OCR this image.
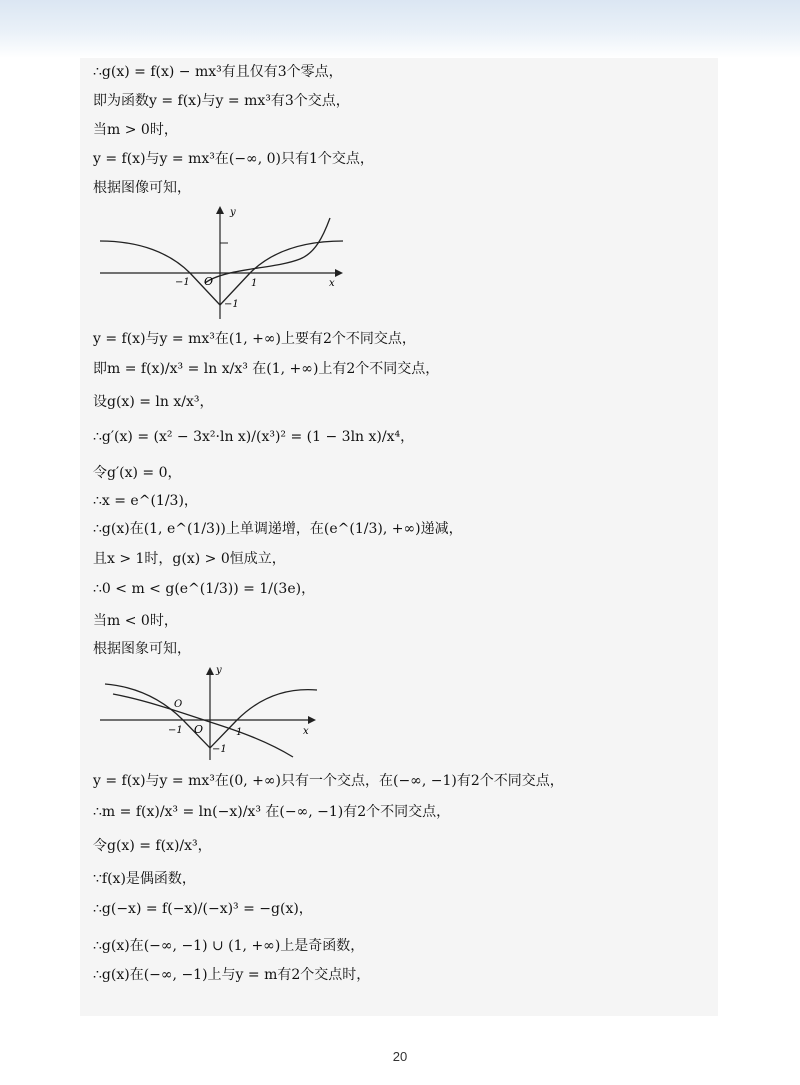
∴g(x) = f(x) − mx³有且仅有3个零点，
即为函数y = f(x)与y = mx³有3个交点，
当m > 0时，
y = f(x)与y = mx³在(−∞, 0)只有1个交点，
根据图像可知，
y
x
O
−1	1
−1
y = f(x)与y = mx³在(1, +∞)上要有2个不同交点，
即m = f(x)/x³ = ln x/x³ 在(1, +∞)上有2个不同交点，
设g(x) = ln x/x³，
∴g′(x) = (x² − 3x²·ln x)/(x³)² = (1 − 3ln x)/x⁴，
令g′(x) = 0，
∴x = e^(1/3)，
∴g(x)在(1, e^(1/3))上单调递增，在(e^(1/3), +∞)递减，
且x > 1时，g(x) > 0恒成立，
∴0 < m < g(e^(1/3)) = 1/(3e)，
当m < 0时，
根据图象可知，
y
x
O
O
−1	1
−1
y = f(x)与y = mx³在(0, +∞)只有一个交点，在(−∞, −1)有2个不同交点，
∴m = f(x)/x³ = ln(−x)/x³ 在(−∞, −1)有2个不同交点，
令g(x) = f(x)/x³，
∵f(x)是偶函数，
∴g(−x) = f(−x)/(−x)³ = −g(x)，
∴g(x)在(−∞, −1) ∪ (1, +∞)上是奇函数，
∴g(x)在(−∞, −1)上与y = m有2个交点时，
20
